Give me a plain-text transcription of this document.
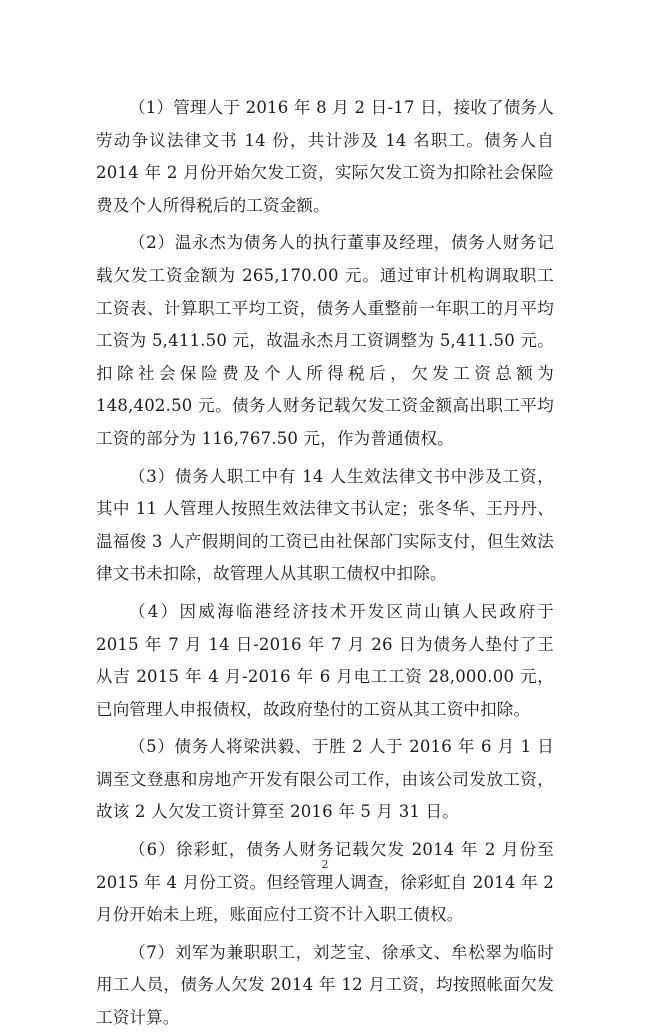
（1）管理人于 2016 年 8 月 2 日-17 日，接收了债务人劳动争议法律文书 14 份，共计涉及 14 名职工。债务人自 2014 年 2 月份开始欠发工资，实际欠发工资为扣除社会保险费及个人所得税后的工资金额。

（2）温永杰为债务人的执行董事及经理，债务人财务记载欠发工资金额为 265,170.00 元。通过审计机构调取职工工资表、计算职工平均工资，债务人重整前一年职工的月平均工资为 5,411.50 元，故温永杰月工资调整为 5,411.50 元。扣除社会保险费及个人所得税后，欠发工资总额为 148,402.50 元。债务人财务记载欠发工资金额高出职工平均工资的部分为 116,767.50 元，作为普通债权。

（3）债务人职工中有 14 人生效法律文书中涉及工资，其中 11 人管理人按照生效法律文书认定；张冬华、王丹丹、温福俊 3 人产假期间的工资已由社保部门实际支付，但生效法律文书未扣除，故管理人从其职工债权中扣除。

（4）因威海临港经济技术开发区苘山镇人民政府于 2015 年 7 月 14 日-2016 年 7 月 26 日为债务人垫付了王从吉 2015 年 4 月-2016 年 6 月电工工资 28,000.00 元，已向管理人申报债权，故政府垫付的工资从其工资中扣除。

（5）债务人将梁洪毅、于胜 2 人于 2016 年 6 月 1 日调至文登惠和房地产开发有限公司工作，由该公司发放工资，故该 2 人欠发工资计算至 2016 年 5 月 31 日。

（6）徐彩虹，债务人财务记载欠发 2014 年 2 月份至 2015 年 4 月份工资。但经管理人调查，徐彩虹自 2014 年 2 月份开始未上班，账面应付工资不计入职工债权。

（7）刘军为兼职职工，刘芝宝、徐承文、牟松翠为临时用工人员，债务人欠发 2014 年 12 月工资，均按照帐面欠发工资计算。

2
